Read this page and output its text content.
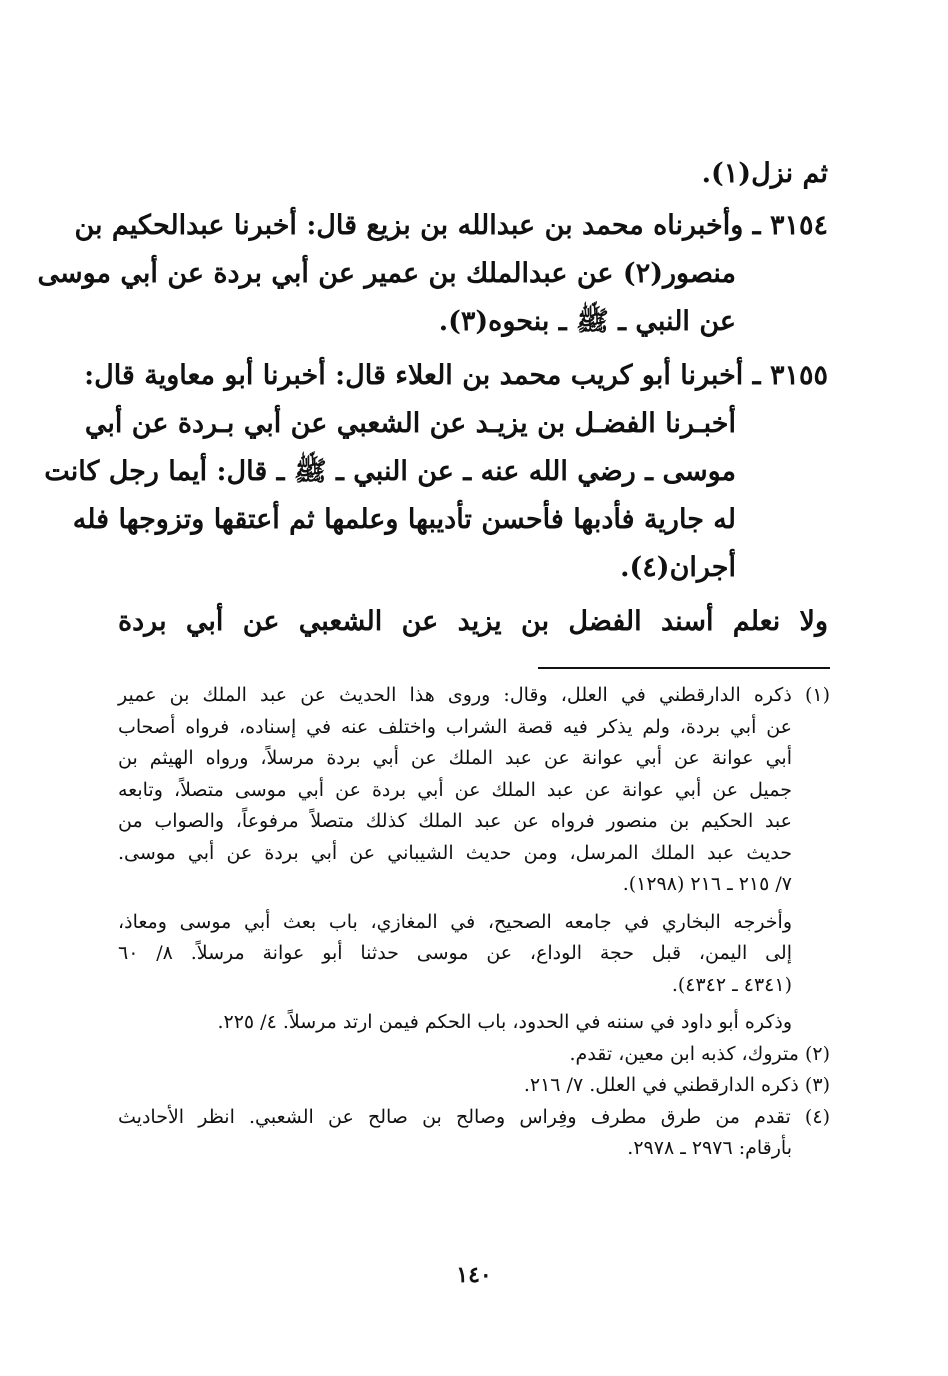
ثم نزل(١).
٣١٥٤ ـ وأخبرناه محمد بن عبدالله بن بزيع قال: أخبرنا عبدالحكيم بن
منصور(٢) عن عبدالملك بن عمير عن أبي بردة عن أبي موسى
عن النبي ـ ﷺ ـ بنحوه(٣).
٣١٥٥ ـ أخبرنا أبو كريب محمد بن العلاء قال: أخبرنا أبو معاوية قال:
أخبـرنا الفضـل بن يزيـد عن الشعبي عن أبي بـردة عن أبي
موسى ـ رضي الله عنه ـ عن النبي ـ ﷺ ـ قال: أيما رجل كانت
له جارية فأدبها فأحسن تأديبها وعلمها ثم أعتقها وتزوجها فله
أجران(٤).
ولا نعلم أسند الفضل بن يزيد عن الشعبي عن أبي بردة
(١) ذكره الدارقطني في العلل، وقال: وروى هذا الحديث عن عبد الملك بن عمير
عن أبي بردة، ولم يذكر فيه قصة الشراب واختلف عنه في إسناده، فرواه أصحاب
أبي عوانة عن أبي عوانة عن عبد الملك عن أبي بردة مرسلاً، ورواه الهيثم بن
جميل عن أبي عوانة عن عبد الملك عن أبي بردة عن أبي موسى متصلاً، وتابعه
عبد الحكيم بن منصور فرواه عن عبد الملك كذلك متصلاً مرفوعاً، والصواب من
حديث عبد الملك المرسل، ومن حديث الشيباني عن أبي بردة عن أبي موسى.
٧/ ٢١٥ ـ ٢١٦ (١٢٩٨).
وأخرجه البخاري في جامعه الصحيح، في المغازي، باب بعث أبي موسى ومعاذ،
إلى اليمن، قبل حجة الوداع، عن موسى حدثنا أبو عوانة مرسلاً. ٨/ ٦٠
(٤٣٤١ ـ ٤٣٤٢).
وذكره أبو داود في سننه في الحدود، باب الحكم فيمن ارتد مرسلاً. ٤/ ٢٢٥.
(٢) متروك، كذبه ابن معين، تقدم.
(٣) ذكره الدارقطني في العلل. ٧/ ٢١٦.
(٤) تقدم من طرق مطرف وفِراس وصالح بن صالح عن الشعبي. انظر الأحاديث
بأرقام: ٢٩٧٦ ـ ٢٩٧٨.
١٤٠
